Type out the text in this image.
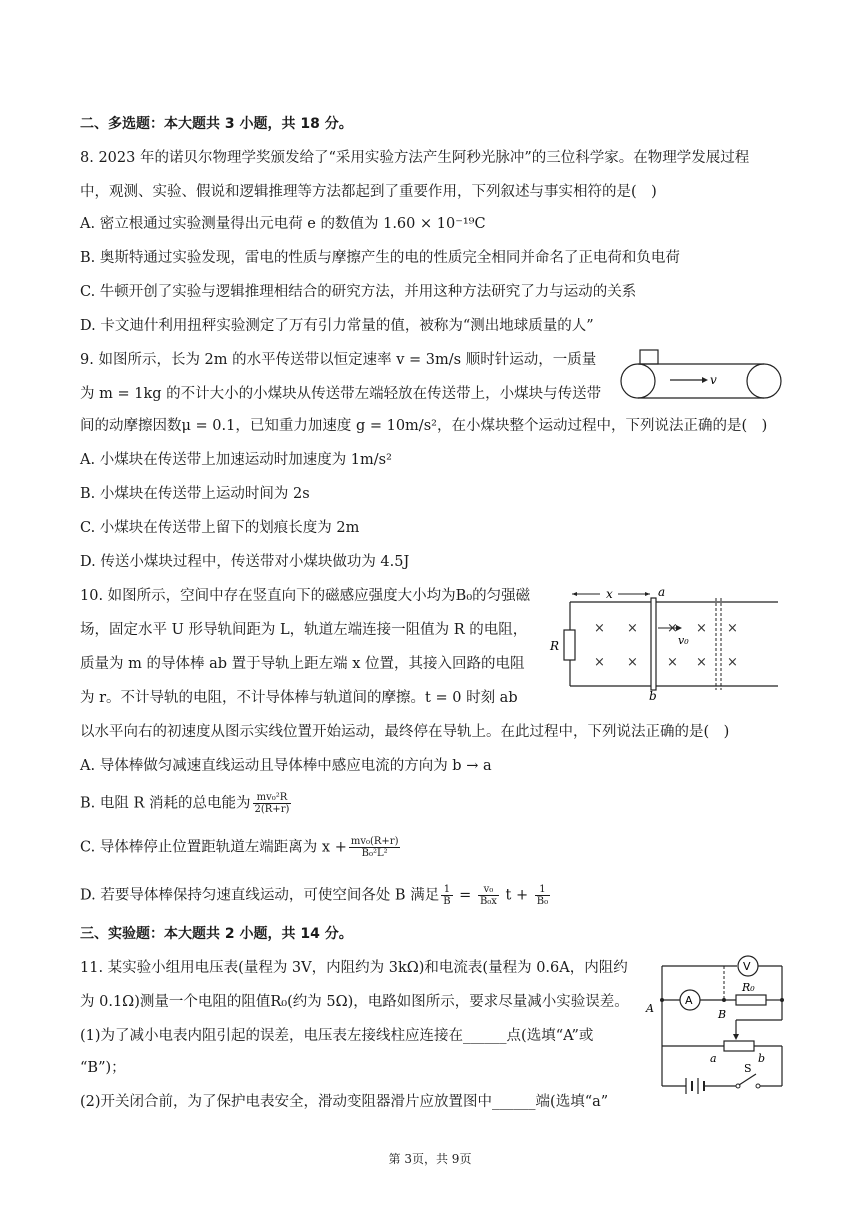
二、多选题：本大题共 3 小题，共 18 分。
8. 2023 年的诺贝尔物理学奖颁发给了“采用实验方法产生阿秒光脉冲”的三位科学家。在物理学发展过程
中，观测、实验、假说和逻辑推理等方法都起到了重要作用，下列叙述与事实相符的是(　)
A. 密立根通过实验测量得出元电荷 e 的数值为 1.60 × 10⁻¹⁹C
B. 奥斯特通过实验发现，雷电的性质与摩擦产生的电的性质完全相同并命名了正电荷和负电荷
C. 牛顿开创了实验与逻辑推理相结合的研究方法，并用这种方法研究了力与运动的关系
D. 卡文迪什利用扭秤实验测定了万有引力常量的值，被称为“测出地球质量的人”
9. 如图所示，长为 2m 的水平传送带以恒定速率 v = 3m/s 顺时针运动，一质量
为 m = 1kg 的不计大小的小煤块从传送带左端轻放在传送带上，小煤块与传送带
间的动摩擦因数μ = 0.1，已知重力加速度 g = 10m/s²，在小煤块整个运动过程中，下列说法正确的是(　)
A. 小煤块在传送带上加速运动时加速度为 1m/s²
B. 小煤块在传送带上运动时间为 2s
C. 小煤块在传送带上留下的划痕长度为 2m
D. 传送小煤块过程中，传送带对小煤块做功为 4.5J
v
10. 如图所示，空间中存在竖直向下的磁感应强度大小均为B₀的匀强磁
场，固定水平 U 形导轨间距为 L，轨道左端连接一阻值为 R 的电阻，
质量为 m 的导体棒 ab 置于导轨上距左端 x 位置，其接入回路的电阻
为 r。不计导轨的电阻，不计导体棒与轨道间的摩擦。t = 0 时刻 ab
以水平向右的初速度从图示实线位置开始运动，最终停在导轨上。在此过程中，下列说法正确的是(　)
A. 导体棒做匀减速直线运动且导体棒中感应电流的方向为 b → a
B. 电阻 R 消耗的总电能为 $\frac{\text{mv₀²R}}{2(R+r)}$
C. 导体棒停止位置距轨道左端距离为 $x + \frac{\text{mv₀(R+r)}}{\text{B₀²L²}}$
D. 若要导体棒保持匀速直线运动，可使空间各处 B 满足 $\frac{1}{B} = \frac{\text{v₀}}{\text{B₀x}}$ $t + \frac{1}{\text{B₀}}$
R
x	a
b
v₀
× × × × ×
× × × × ×
三、实验题：本大题共 2 小题，共 14 分。
11. 某实验小组用电压表(量程为 3V，内阻约为 3kΩ)和电流表(量程为 0.6A，内阻约
为 0.1Ω)测量一个电阻的阻值R₀(约为 5Ω)，电路如图所示，要求尽量减小实验误差。
(1)为了减小电表内阻引起的误差，电压表左接线柱应连接在______点(选填“A”或
“B”)；
(2)开关闭合前，为了保护电表安全，滑动变阻器滑片应放置图中______端(选填“a”
V
A
R₀
A	B
a	b
S
第 3页，共 9页
